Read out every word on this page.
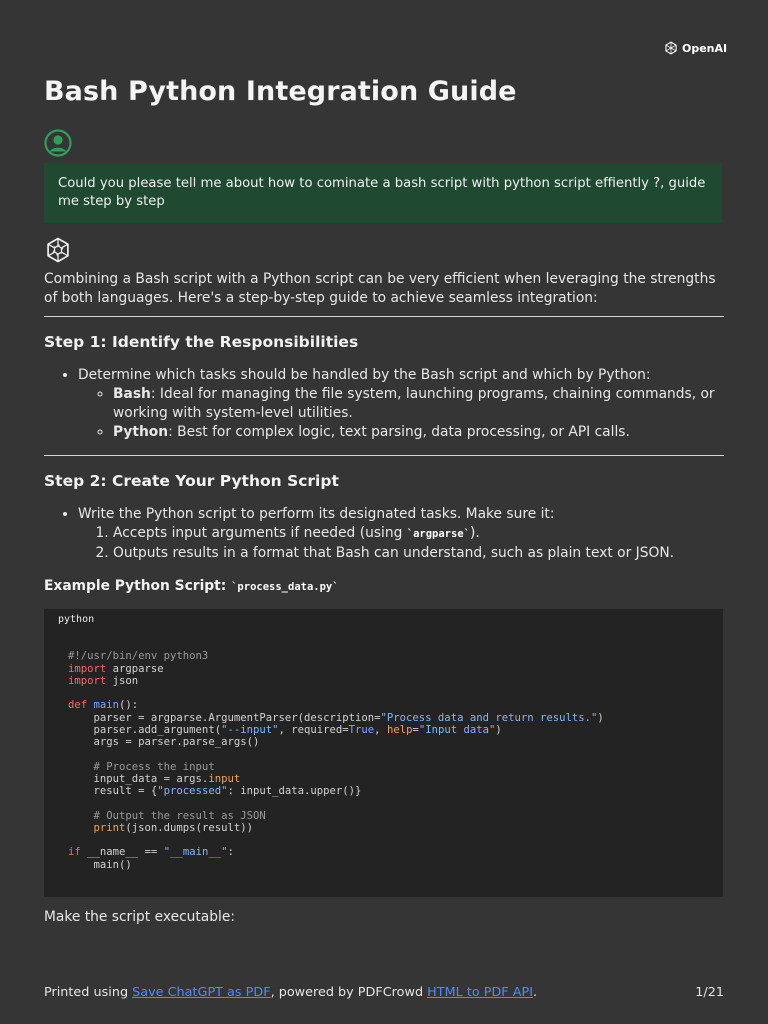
OpenAI
Bash Python Integration Guide
Could you please tell me about how to cominate a bash script with python script effiently ?, guide me step by step

Combining a Bash script with a Python script can be very efficient when leveraging the strengths of both languages. Here's a step-by-step guide to achieve seamless integration:

Step 1: Identify the Responsibilities
• Determine which tasks should be handled by the Bash script and which by Python:
◦ Bash: Ideal for managing the file system, launching programs, chaining commands, or working with system-level utilities.
◦ Python: Best for complex logic, text parsing, data processing, or API calls.
Step 2: Create Your Python Script
• Write the Python script to perform its designated tasks. Make sure it:
1. Accepts input arguments if needed (using `argparse`).
2. Outputs results in a format that Bash can understand, such as plain text or JSON.

Example Python Script: `process_data.py`

python
#!/usr/bin/env python3
import argparse
import json

def main():
parser = argparse.ArgumentParser(description="Process data and return results.")
parser.add_argument("--input", required=True, help="Input data")
args = parser.parse_args()

# Process the input
input_data = args.input
result = {"processed": input_data.upper()}

# Output the result as JSON
print(json.dumps(result))

if __name__ == "__main__":
main()

Make the script executable:

Printed using Save ChatGPT as PDF, powered by PDFCrowd HTML to PDF API.	1/21
